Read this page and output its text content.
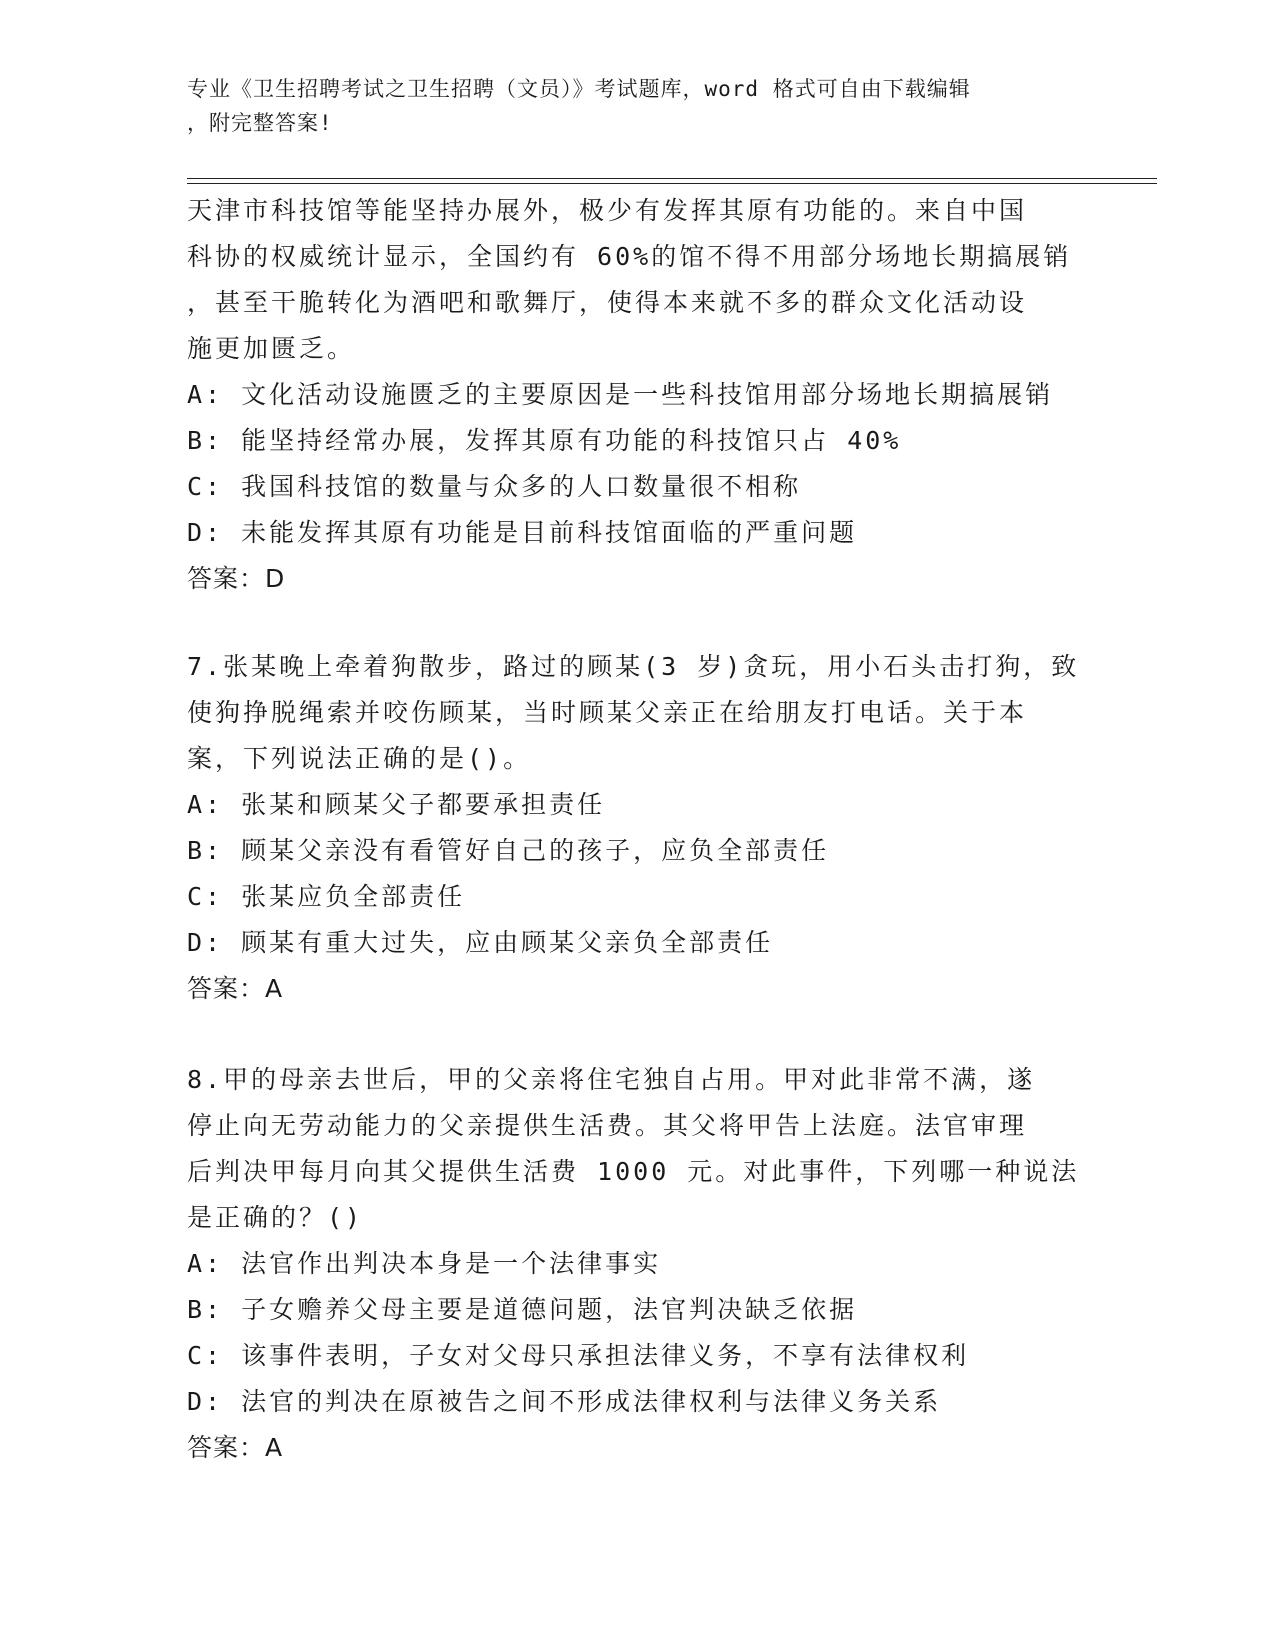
专业《卫生招聘考试之卫生招聘（文员）》考试题库，word 格式可自由下载编辑
，附完整答案!
天津市科技馆等能坚持办展外，极少有发挥其原有功能的。来自中国
科协的权威统计显示，全国约有 60%的馆不得不用部分场地长期搞展销
，甚至干脆转化为酒吧和歌舞厅，使得本来就不多的群众文化活动设
施更加匮乏。
A: 文化活动设施匮乏的主要原因是一些科技馆用部分场地长期搞展销
B: 能坚持经常办展，发挥其原有功能的科技馆只占 40%
C: 我国科技馆的数量与众多的人口数量很不相称
D: 未能发挥其原有功能是目前科技馆面临的严重问题
答案：D
7.张某晚上牵着狗散步，路过的顾某(3 岁)贪玩，用小石头击打狗，致
使狗挣脱绳索并咬伤顾某，当时顾某父亲正在给朋友打电话。关于本
案，下列说法正确的是()。
A: 张某和顾某父子都要承担责任
B: 顾某父亲没有看管好自己的孩子，应负全部责任
C: 张某应负全部责任
D: 顾某有重大过失，应由顾某父亲负全部责任
答案：A
8.甲的母亲去世后，甲的父亲将住宅独自占用。甲对此非常不满，遂
停止向无劳动能力的父亲提供生活费。其父将甲告上法庭。法官审理
后判决甲每月向其父提供生活费 1000 元。对此事件，下列哪一种说法
是正确的？()
A: 法官作出判决本身是一个法律事实
B: 子女赡养父母主要是道德问题，法官判决缺乏依据
C: 该事件表明，子女对父母只承担法律义务，不享有法律权利
D: 法官的判决在原被告之间不形成法律权利与法律义务关系
答案：A
